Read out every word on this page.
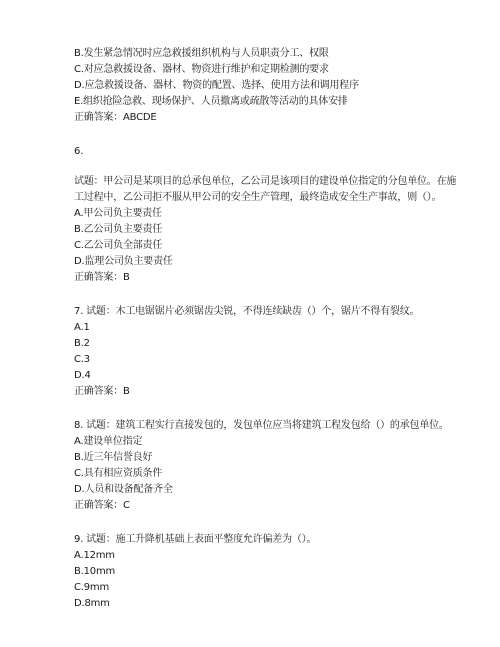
B.发生紧急情况时应急救援组织机构与人员职责分工、权限
C.对应急救援设备、器材、物资进行维护和定期检测的要求
D.应急救援设备、器材、物资的配置、选择、使用方法和调用程序
E.组织抢险急救、现场保护、人员撤离或疏散等活动的具体安排
正确答案：ABCDE
6.
试题：甲公司是某项目的总承包单位，乙公司是该项目的建设单位指定的分包单位。在施
工过程中，乙公司拒不服从甲公司的安全生产管理，最终造成安全生产事故，则（）。
A.甲公司负主要责任
B.乙公司负主要责任
C.乙公司负全部责任
D.监理公司负主要责任
正确答案：B
7. 试题：木工电锯锯片必须锯齿尖锐，不得连续缺齿（）个，锯片不得有裂纹。
A.1
B.2
C.3
D.4
正确答案：B
8. 试题：建筑工程实行直接发包的，发包单位应当将建筑工程发包给（）的承包单位。
A.建设单位指定
B.近三年信誉良好
C.具有相应资质条件
D.人员和设备配备齐全
正确答案：C
9. 试题：施工升降机基础上表面平整度允许偏差为（）。
A.12mm
B.10mm
C.9mm
D.8mm
